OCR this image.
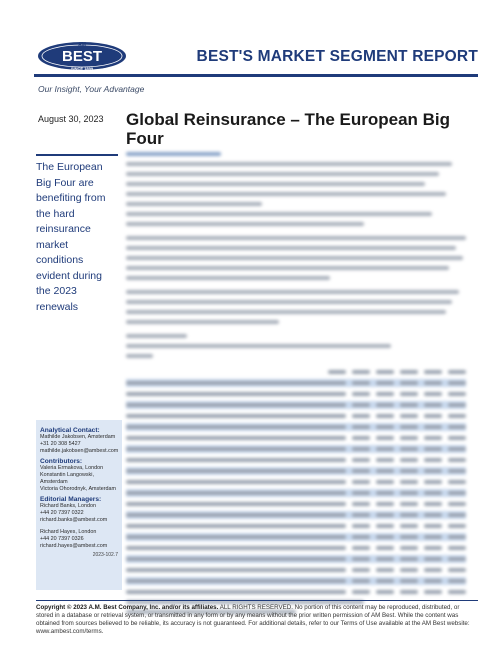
AM
BEST
SINCE 1899
BEST'S MARKET SEGMENT REPORT
Our Insight, Your Advantage
August 30, 2023 Global Reinsurance – The European Big Four
The European Big Four are benefiting from the hard reinsurance market conditions evident during the 2023 renewals
Analytical Contact:
Mathilde Jakobsen, Amsterdam
+31 20 308 5427
mathilde.jakobsen@ambest.com
Contributors:
Valeria Ermakova, London
Konstantin Langowski,
Amsterdam
Victoria Ohorodnyk, Amsterdam
Editorial Managers:
Richard Banks, London
+44 20 7397 0322
richard.banks@ambest.com
Richard Hayes, London
+44 20 7397 0326
richard.hayes@ambest.com
2023-102.7
Copyright © 2023 A.M. Best Company, Inc. and/or its affiliates. ALL RIGHTS RESERVED. No portion of this content may be reproduced, distributed, or stored in a database or retrieval system, or transmitted in any form or by any means without the prior written permission of AM Best. While the content was obtained from sources believed to be reliable, its accuracy is not guaranteed. For additional details, refer to our Terms of Use available at the AM Best website: www.ambest.com/terms.
